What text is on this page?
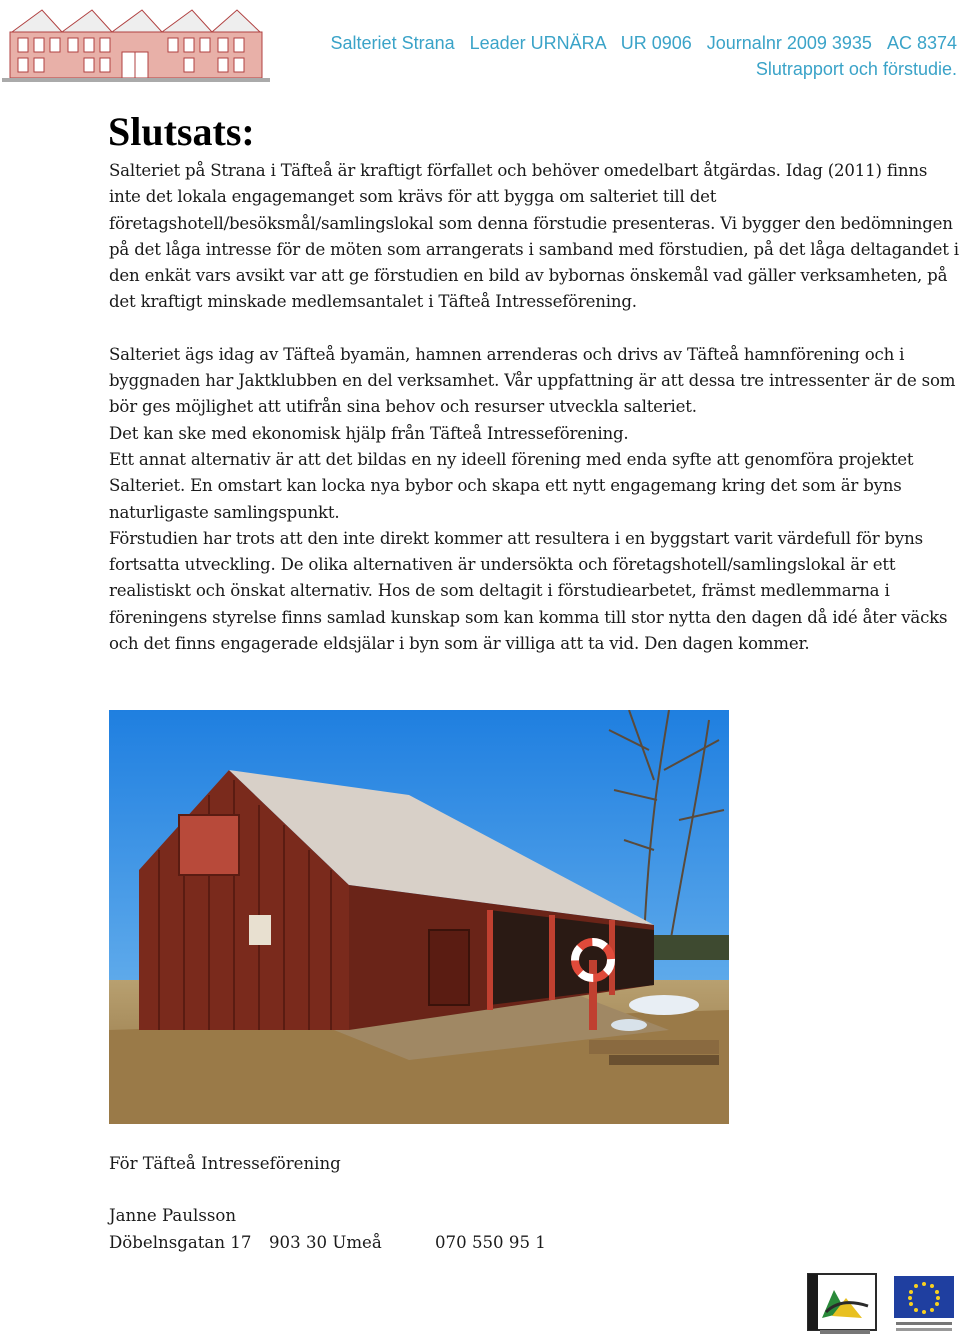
Salteriet Strana Leader URNÄRA UR 0906 Journalnr 2009 3935 AC 8374
Slutrapport och förstudie.
Slutsats:

Salteriet på Strana i Täfteå är kraftigt förfallet och behöver omedelbart åtgärdas. Idag (2011) finns inte det lokala engagemanget som krävs för att bygga om salteriet till det företagshotell/besöksmål/samlingslokal som denna förstudie presenteras. Vi bygger den bedömningen på det låga intresse för de möten som arrangerats i samband med förstudien, på det låga deltagandet i den enkät vars avsikt var att ge förstudien en bild av bybornas önskemål vad gäller verksamheten, på det kraftigt minskade medlemsantalet i Täfteå Intresseförening.

Salteriet ägs idag av Täfteå byamän, hamnen arrenderas och drivs av Täfteå hamnförening och i byggnaden har Jaktklubben en del verksamhet. Vår uppfattning är att dessa tre intressenter är de som bör ges möjlighet att utifrån sina behov och resurser utveckla salteriet.

Det kan ske med ekonomisk hjälp från Täfteå Intresseförening.

Ett annat alternativ är att det bildas en ny ideell förening med enda syfte att genomföra projektet Salteriet. En omstart kan locka nya bybor och skapa ett nytt engagemang kring det som är byns naturligaste samlingspunkt.

Förstudien har trots att den inte direkt kommer att resultera i en byggstart varit värdefull för byns fortsatta utveckling. De olika alternativen är undersökta och företagshotell/samlingslokal är ett realistiskt och önskat alternativ. Hos de som deltagit i förstudiearbetet, främst medlemmarna i föreningens styrelse finns samlad kunskap som kan komma till stor nytta den dagen då idé åter väcks och det finns engagerade eldsjälar i byn som är villiga att ta vid. Den dagen kommer.

För Täfteå Intresseförening

Janne Paulsson

Döbelnsgatan 17 903 30 Umeå	070 550 95 1
